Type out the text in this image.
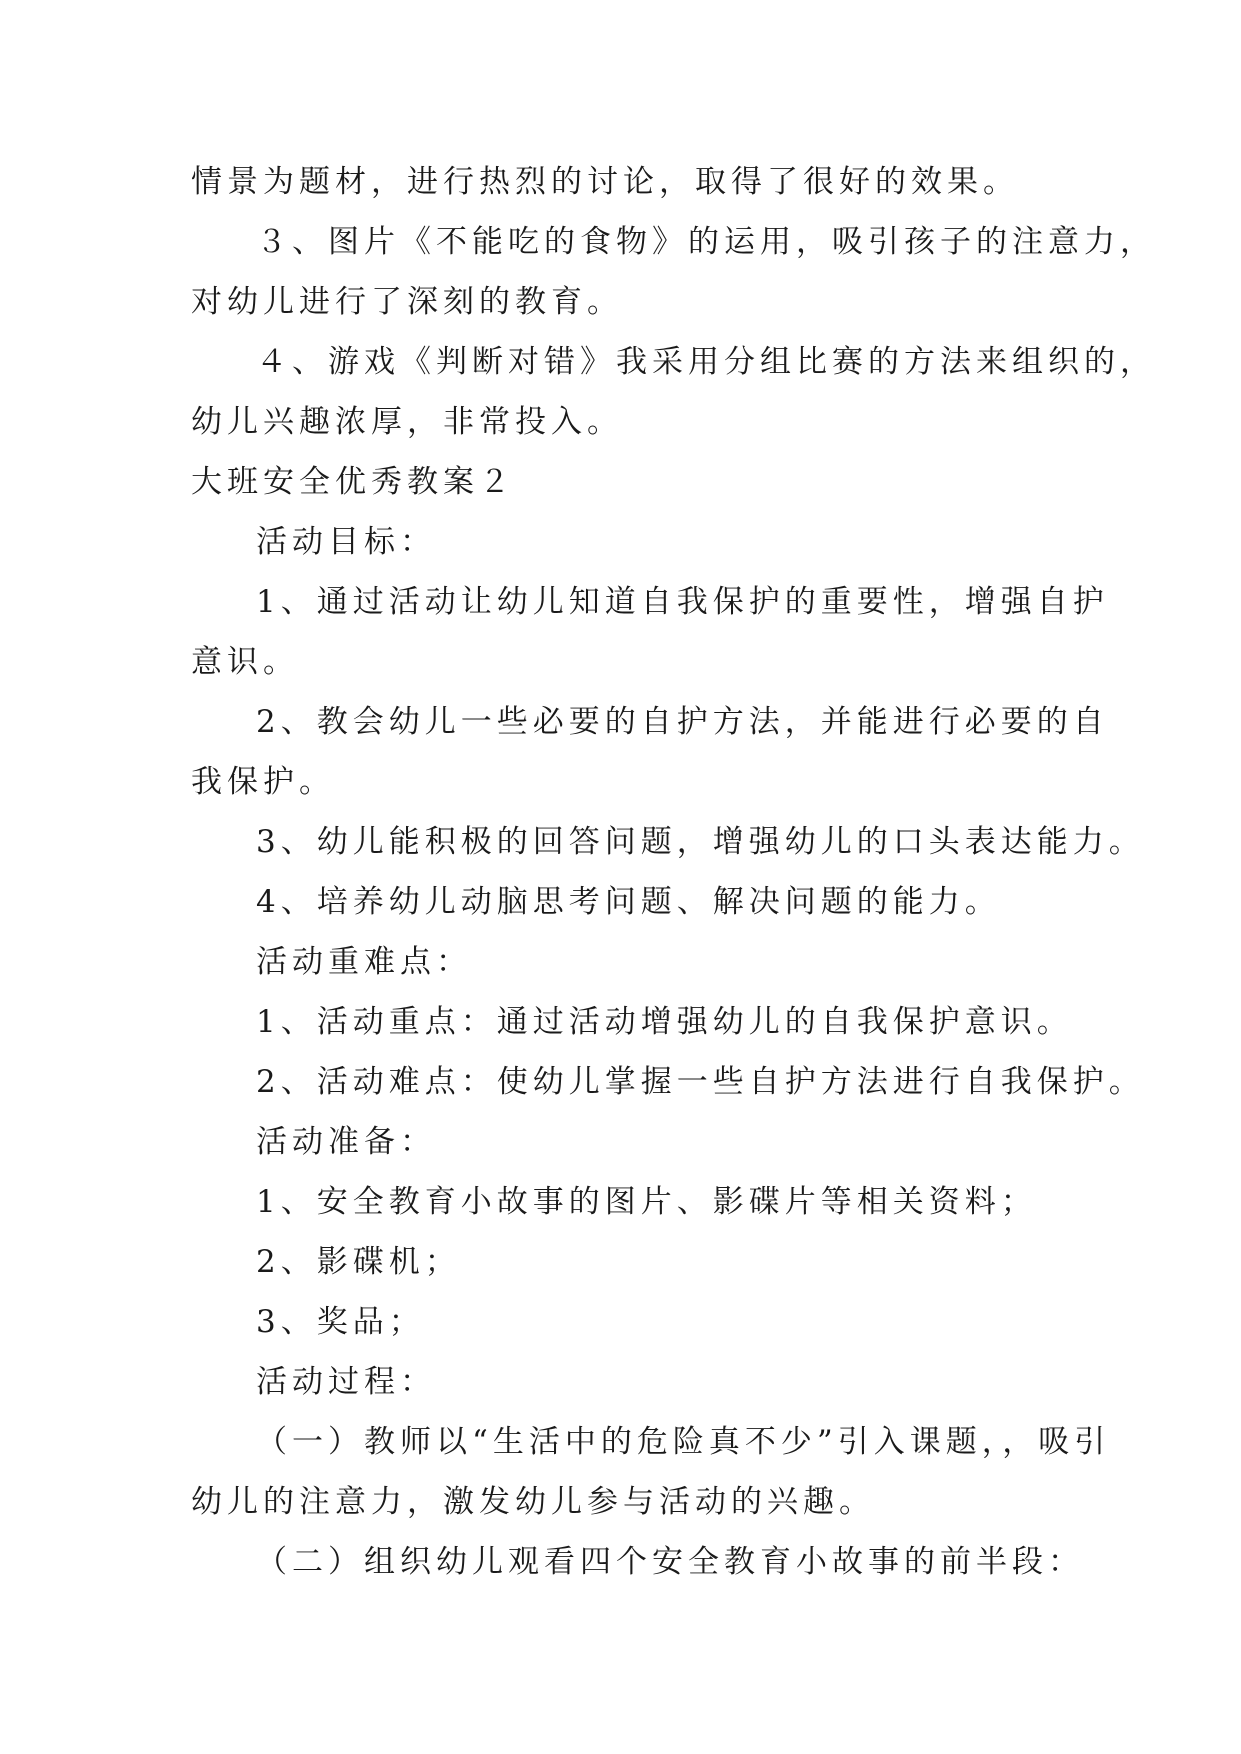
情景为题材，进行热烈的讨论，取得了很好的效果。
３、图片《不能吃的食物》的运用，吸引孩子的注意力，
对幼儿进行了深刻的教育。
４、游戏《判断对错》我采用分组比赛的方法来组织的，
幼儿兴趣浓厚，非常投入。
大班安全优秀教案２
活动目标：
1、通过活动让幼儿知道自我保护的重要性，增强自护
意识。
2、教会幼儿一些必要的自护方法，并能进行必要的自
我保护。
3、幼儿能积极的回答问题，增强幼儿的口头表达能力。
4、培养幼儿动脑思考问题、解决问题的能力。
活动重难点：
1、活动重点：通过活动增强幼儿的自我保护意识。
2、活动难点：使幼儿掌握一些自护方法进行自我保护。
活动准备：
1、安全教育小故事的图片、影碟片等相关资料；
2、影碟机；
3、奖品；
活动过程：
（一）教师以“生活中的危险真不少”引入课题，，吸引
幼儿的注意力，激发幼儿参与活动的兴趣。
（二）组织幼儿观看四个安全教育小故事的前半段：
